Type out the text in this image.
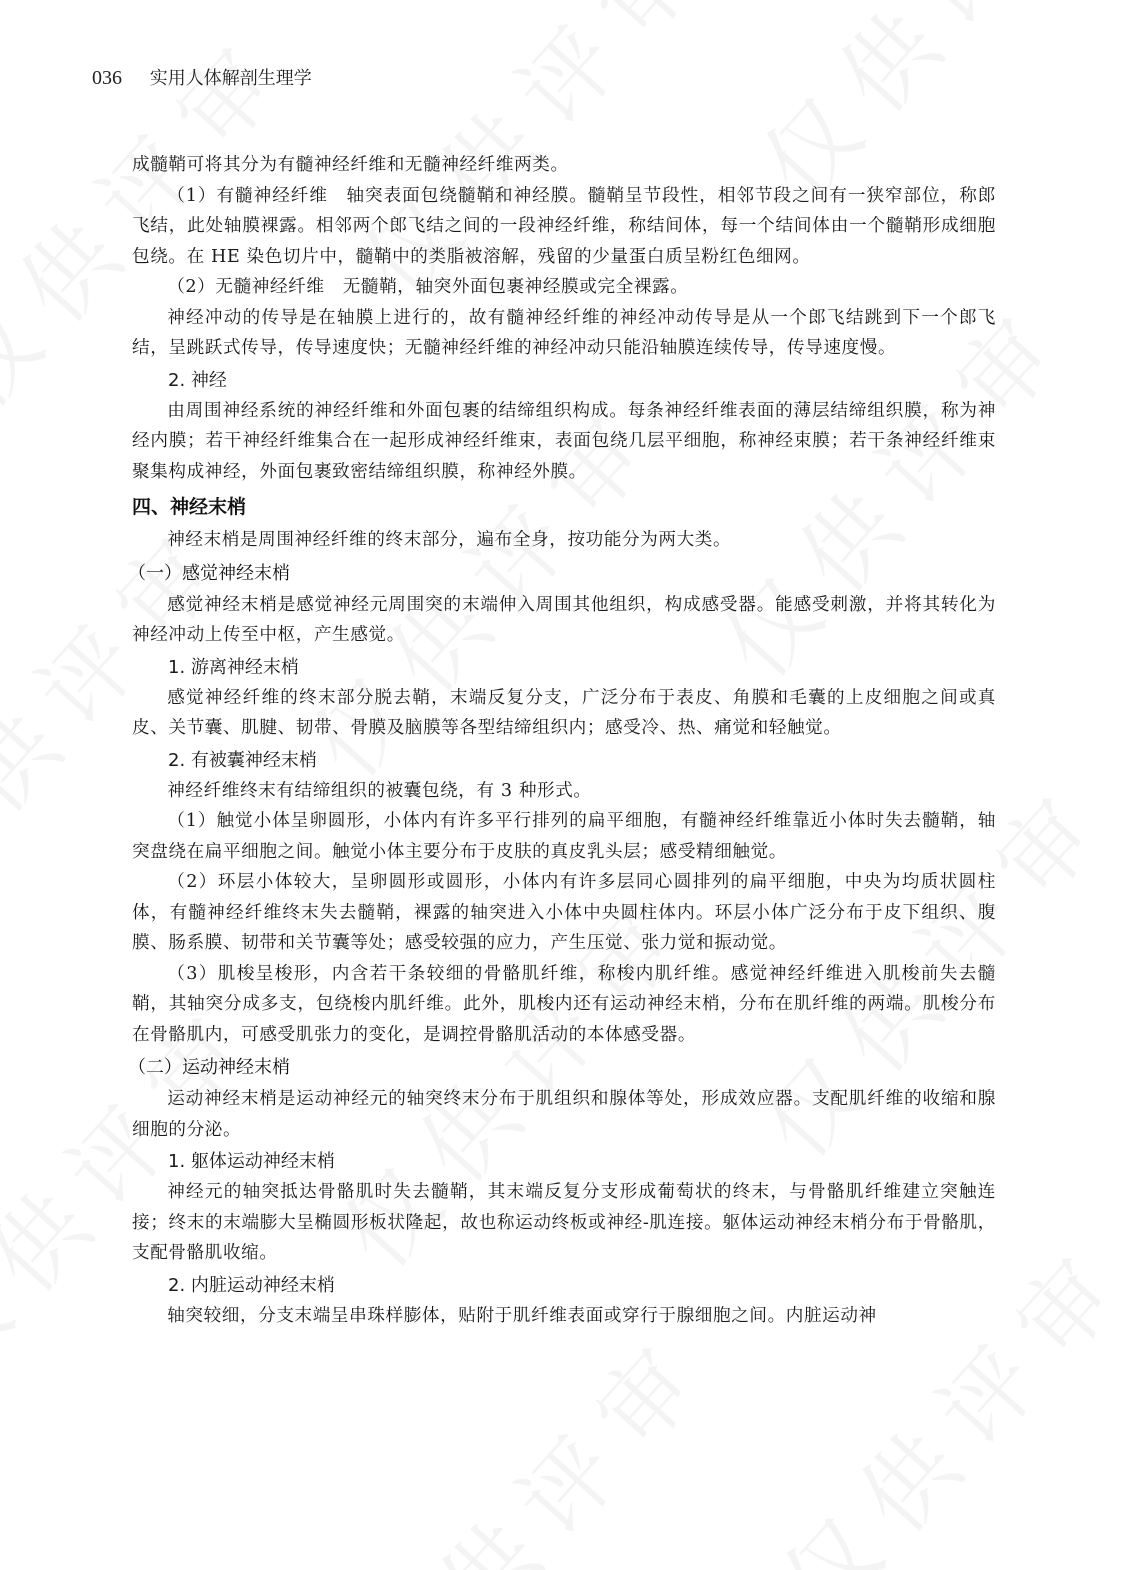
036 实用人体解剖生理学

成髓鞘可将其分为有髓神经纤维和无髓神经纤维两类。

（1）有髓神经纤维　轴突表面包绕髓鞘和神经膜。髓鞘呈节段性，相邻节段之间有一狭窄部位，称郎飞结，此处轴膜裸露。相邻两个郎飞结之间的一段神经纤维，称结间体，每一个结间体由一个髓鞘形成细胞包绕。在 HE 染色切片中，髓鞘中的类脂被溶解，残留的少量蛋白质呈粉红色细网。

（2）无髓神经纤维　无髓鞘，轴突外面包裹神经膜或完全裸露。

神经冲动的传导是在轴膜上进行的，故有髓神经纤维的神经冲动传导是从一个郎飞结跳到下一个郎飞结，呈跳跃式传导，传导速度快；无髓神经纤维的神经冲动只能沿轴膜连续传导，传导速度慢。

2. 神经

由周围神经系统的神经纤维和外面包裹的结缔组织构成。每条神经纤维表面的薄层结缔组织膜，称为神经内膜；若干神经纤维集合在一起形成神经纤维束，表面包绕几层平细胞，称神经束膜；若干条神经纤维束聚集构成神经，外面包裹致密结缔组织膜，称神经外膜。

四、神经末梢

神经末梢是周围神经纤维的终末部分，遍布全身，按功能分为两大类。

（一）感觉神经末梢

感觉神经末梢是感觉神经元周围突的末端伸入周围其他组织，构成感受器。能感受刺激，并将其转化为神经冲动上传至中枢，产生感觉。

1. 游离神经末梢

感觉神经纤维的终末部分脱去鞘，末端反复分支，广泛分布于表皮、角膜和毛囊的上皮细胞之间或真皮、关节囊、肌腱、韧带、骨膜及脑膜等各型结缔组织内；感受冷、热、痛觉和轻触觉。

2. 有被囊神经末梢

神经纤维终末有结缔组织的被囊包绕，有 3 种形式。

（1）触觉小体呈卵圆形，小体内有许多平行排列的扁平细胞，有髓神经纤维靠近小体时失去髓鞘，轴突盘绕在扁平细胞之间。触觉小体主要分布于皮肤的真皮乳头层；感受精细触觉。

（2）环层小体较大，呈卵圆形或圆形，小体内有许多层同心圆排列的扁平细胞，中央为均质状圆柱体，有髓神经纤维终末失去髓鞘，裸露的轴突进入小体中央圆柱体内。环层小体广泛分布于皮下组织、腹膜、肠系膜、韧带和关节囊等处；感受较强的应力，产生压觉、张力觉和振动觉。

（3）肌梭呈梭形，内含若干条较细的骨骼肌纤维，称梭内肌纤维。感觉神经纤维进入肌梭前失去髓鞘，其轴突分成多支，包绕梭内肌纤维。此外，肌梭内还有运动神经末梢，分布在肌纤维的两端。肌梭分布在骨骼肌内，可感受肌张力的变化，是调控骨骼肌活动的本体感受器。

（二）运动神经末梢

运动神经末梢是运动神经元的轴突终末分布于肌组织和腺体等处，形成效应器。支配肌纤维的收缩和腺细胞的分泌。

1. 躯体运动神经末梢

神经元的轴突抵达骨骼肌时失去髓鞘，其末端反复分支形成葡萄状的终末，与骨骼肌纤维建立突触连接；终末的末端膨大呈椭圆形板状隆起，故也称运动终板或神经-肌连接。躯体运动神经末梢分布于骨骼肌，支配骨骼肌收缩。

2. 内脏运动神经末梢

轴突较细，分支末端呈串珠样膨体，贴附于肌纤维表面或穿行于腺细胞之间。内脏运动神
